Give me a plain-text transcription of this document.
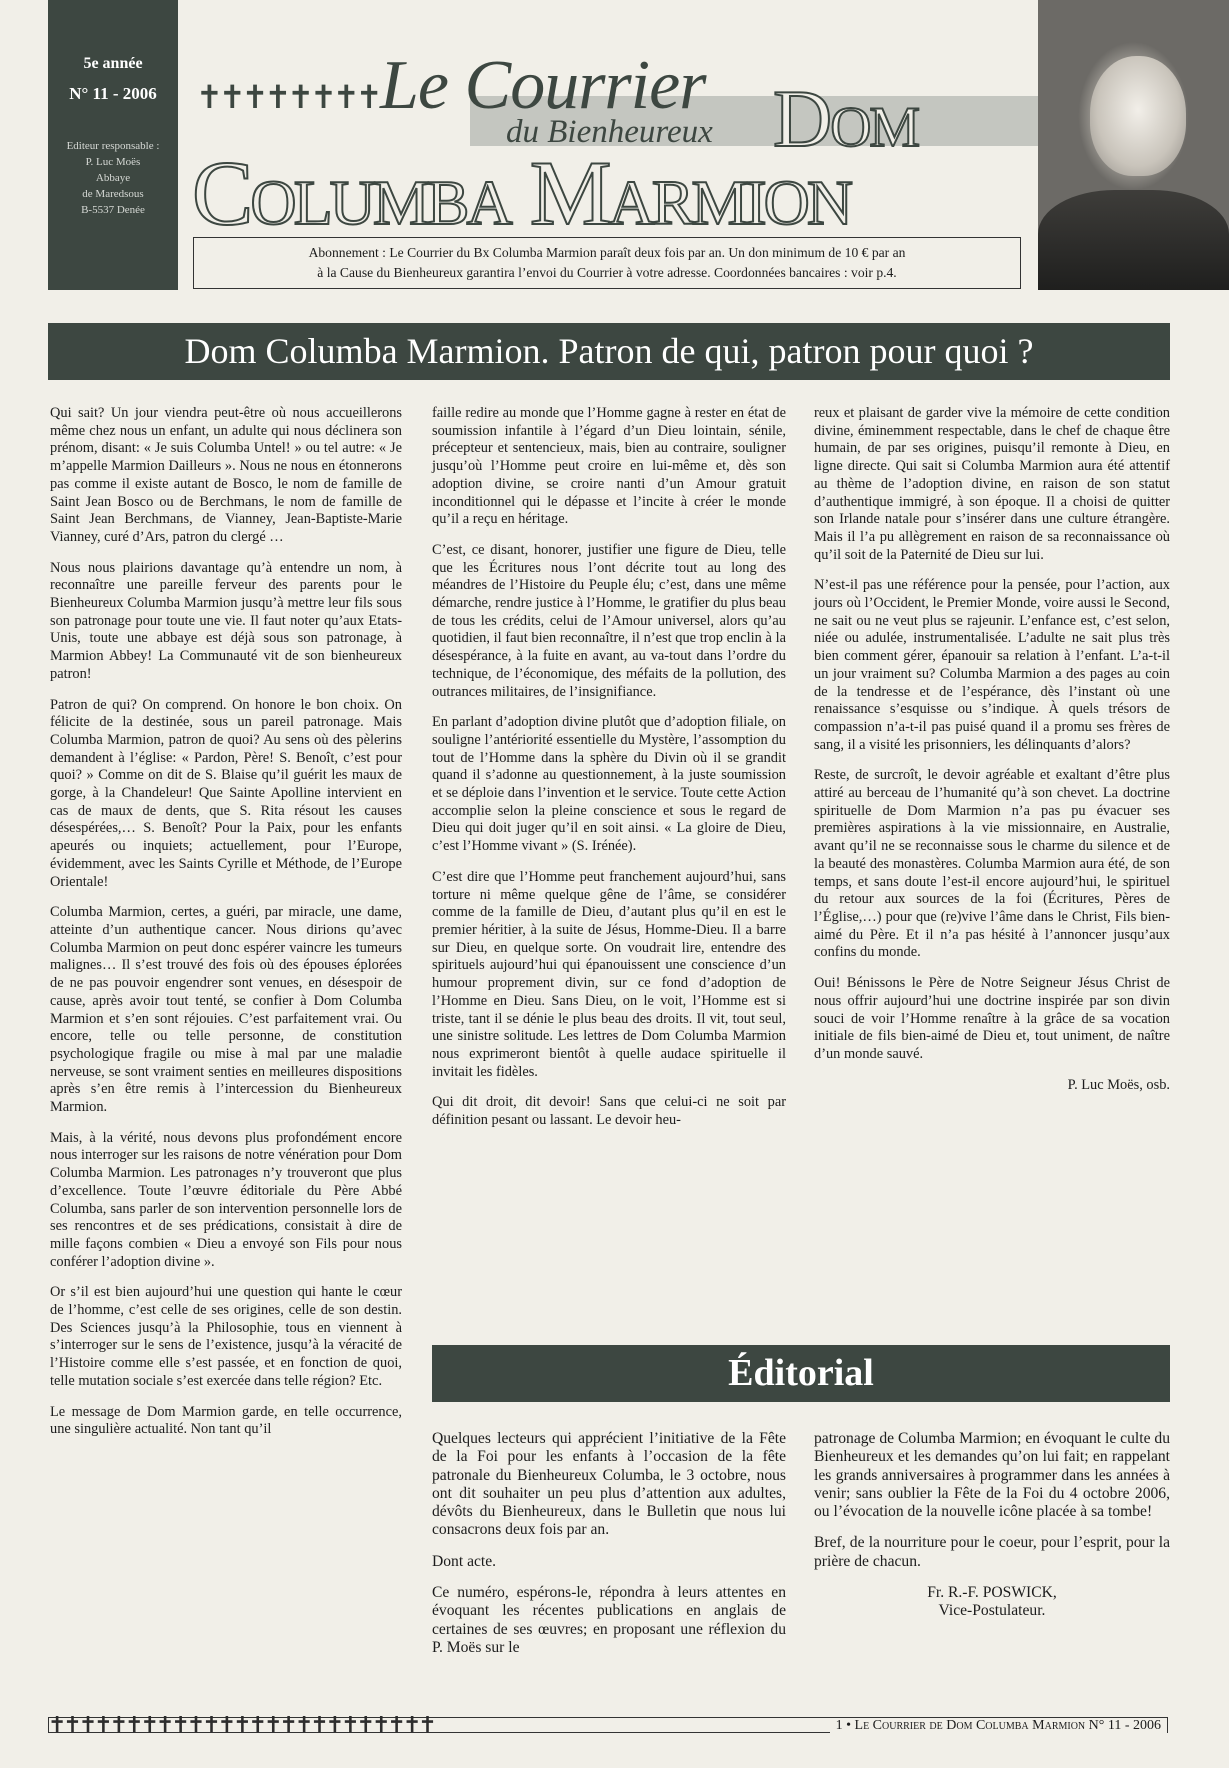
5e année
N° 11 - 2006
Editeur responsable :
P. Luc Moës
Abbaye
de Maredsous
B-5537 Denée
✝✝✝✝✝✝✝✝ Le Courrier
du Bienheureux Dom
Columba Marmion
Abonnement : Le Courrier du Bx Columba Marmion paraît deux fois par an. Un don minimum de 10 € par an
à la Cause du Bienheureux garantira l’envoi du Courrier à votre adresse. Coordonnées bancaires : voir p.4.
Dom Columba Marmion. Patron de qui, patron pour quoi ?

Qui sait? Un jour viendra peut-être où nous accueillerons même chez nous un enfant, un adulte qui nous déclinera son prénom, disant: « Je suis Columba Untel! » ou tel autre: « Je m’appelle Marmion Dailleurs ». Nous ne nous en étonnerons pas comme il existe autant de Bosco, le nom de famille de Saint Jean Bosco ou de Berchmans, le nom de famille de Saint Jean Berchmans, de Vianney, Jean-Baptiste-Marie Vianney, curé d’Ars, patron du clergé …

Nous nous plairions davantage qu’à entendre un nom, à reconnaître une pareille ferveur des parents pour le Bienheureux Columba Marmion jusqu’à mettre leur fils sous son patronage pour toute une vie. Il faut noter qu’aux Etats-Unis, toute une abbaye est déjà sous son patronage, à Marmion Abbey! La Communauté vit de son bienheureux patron!

Patron de qui? On comprend. On honore le bon choix. On félicite de la destinée, sous un pareil patronage. Mais Columba Marmion, patron de quoi? Au sens où des pèlerins demandent à l’église: « Pardon, Père! S. Benoît, c’est pour quoi? » Comme on dit de S. Blaise qu’il guérit les maux de gorge, à la Chandeleur! Que Sainte Apolline intervient en cas de maux de dents, que S. Rita résout les causes désespérées,… S. Benoît? Pour la Paix, pour les enfants apeurés ou inquiets; actuellement, pour l’Europe, évidemment, avec les Saints Cyrille et Méthode, de l’Europe Orientale!

Columba Marmion, certes, a guéri, par miracle, une dame, atteinte d’un authentique cancer. Nous dirions qu’avec Columba Marmion on peut donc espérer vaincre les tumeurs malignes… Il s’est trouvé des fois où des épouses éplorées de ne pas pouvoir engendrer sont venues, en désespoir de cause, après avoir tout tenté, se confier à Dom Columba Marmion et s’en sont réjouies. C’est parfaitement vrai. Ou encore, telle ou telle personne, de constitution psychologique fragile ou mise à mal par une maladie nerveuse, se sont vraiment senties en meilleures dispositions après s’en être remis à l’intercession du Bienheureux Marmion.

Mais, à la vérité, nous devons plus profondément encore nous interroger sur les raisons de notre vénération pour Dom Columba Marmion. Les patronages n’y trouveront que plus d’excellence. Toute l’œuvre éditoriale du Père Abbé Columba, sans parler de son intervention personnelle lors de ses rencontres et de ses prédications, consistait à dire de mille façons combien « Dieu a envoyé son Fils pour nous conférer l’adoption divine ».

Or s’il est bien aujourd’hui une question qui hante le cœur de l’homme, c’est celle de ses origines, celle de son destin. Des Sciences jusqu’à la Philosophie, tous en viennent à s’interroger sur le sens de l’existence, jusqu’à la véracité de l’Histoire comme elle s’est passée, et en fonction de quoi, telle mutation sociale s’est exercée dans telle région? Etc.

Le message de Dom Marmion garde, en telle occurrence, une singulière actualité. Non tant qu’il

faille redire au monde que l’Homme gagne à rester en état de soumission infantile à l’égard d’un Dieu lointain, sénile, précepteur et sentencieux, mais, bien au contraire, souligner jusqu’où l’Homme peut croire en lui-même et, dès son adoption divine, se croire nanti d’un Amour gratuit inconditionnel qui le dépasse et l’incite à créer le monde qu’il a reçu en héritage.

C’est, ce disant, honorer, justifier une figure de Dieu, telle que les Écritures nous l’ont décrite tout au long des méandres de l’Histoire du Peuple élu; c’est, dans une même démarche, rendre justice à l’Homme, le gratifier du plus beau de tous les crédits, celui de l’Amour universel, alors qu’au quotidien, il faut bien reconnaître, il n’est que trop enclin à la désespérance, à la fuite en avant, au va-tout dans l’ordre du technique, de l’économique, des méfaits de la pollution, des outrances militaires, de l’insignifiance.

En parlant d’adoption divine plutôt que d’adoption filiale, on souligne l’antériorité essentielle du Mystère, l’assomption du tout de l’Homme dans la sphère du Divin où il se grandit quand il s’adonne au questionnement, à la juste soumission et se déploie dans l’invention et le service. Toute cette Action accomplie selon la pleine conscience et sous le regard de Dieu qui doit juger qu’il en soit ainsi. « La gloire de Dieu, c’est l’Homme vivant » (S. Irénée).

C’est dire que l’Homme peut franchement aujourd’hui, sans torture ni même quelque gêne de l’âme, se considérer comme de la famille de Dieu, d’autant plus qu’il en est le premier héritier, à la suite de Jésus, Homme-Dieu. Il a barre sur Dieu, en quelque sorte. On voudrait lire, entendre des spirituels aujourd’hui qui épanouissent une conscience d’un humour proprement divin, sur ce fond d’adoption de l’Homme en Dieu. Sans Dieu, on le voit, l’Homme est si triste, tant il se dénie le plus beau des droits. Il vit, tout seul, une sinistre solitude. Les lettres de Dom Columba Marmion nous exprimeront bientôt à quelle audace spirituelle il invitait les fidèles.

Qui dit droit, dit devoir! Sans que celui-ci ne soit par définition pesant ou lassant. Le devoir heu-

reux et plaisant de garder vive la mémoire de cette condition divine, éminemment respectable, dans le chef de chaque être humain, de par ses origines, puisqu’il remonte à Dieu, en ligne directe. Qui sait si Columba Marmion aura été attentif au thème de l’adoption divine, en raison de son statut d’authentique immigré, à son époque. Il a choisi de quitter son Irlande natale pour s’insérer dans une culture étrangère. Mais il l’a pu allègrement en raison de sa reconnaissance où qu’il soit de la Paternité de Dieu sur lui.

N’est-il pas une référence pour la pensée, pour l’action, aux jours où l’Occident, le Premier Monde, voire aussi le Second, ne sait ou ne veut plus se rajeunir. L’enfance est, c’est selon, niée ou adulée, instrumentalisée. L’adulte ne sait plus très bien comment gérer, épanouir sa relation à l’enfant. L’a-t-il un jour vraiment su? Columba Marmion a des pages au coin de la tendresse et de l’espérance, dès l’instant où une renaissance s’esquisse ou s’indique. À quels trésors de compassion n’a-t-il pas puisé quand il a promu ses frères de sang, il a visité les prisonniers, les délinquants d’alors?

Reste, de surcroît, le devoir agréable et exaltant d’être plus attiré au berceau de l’humanité qu’à son chevet. La doctrine spirituelle de Dom Marmion n’a pas pu évacuer ses premières aspirations à la vie missionnaire, en Australie, avant qu’il ne se reconnaisse sous le charme du silence et de la beauté des monastères. Columba Marmion aura été, de son temps, et sans doute l’est-il encore aujourd’hui, le spirituel du retour aux sources de la foi (Écritures, Pères de l’Église,…) pour que (re)vive l’âme dans le Christ, Fils bien-aimé du Père. Et il n’a pas hésité à l’annoncer jusqu’aux confins du monde.

Oui! Bénissons le Père de Notre Seigneur Jésus Christ de nous offrir aujourd’hui une doctrine inspirée par son divin souci de voir l’Homme renaître à la grâce de sa vocation initiale de fils bien-aimé de Dieu et, tout uniment, de naître d’un monde sauvé.

P. Luc Moës, osb.
Éditorial

Quelques lecteurs qui apprécient l’initiative de la Fête de la Foi pour les enfants à l’occasion de la fête patronale du Bienheureux Columba, le 3 octobre, nous ont dit souhaiter un peu plus d’attention aux adultes, dévôts du Bienheureux, dans le Bulletin que nous lui consacrons deux fois par an.

Dont acte.

Ce numéro, espérons-le, répondra à leurs attentes en évoquant les récentes publications en anglais de certaines de ses œuvres; en proposant une réflexion du P. Moës sur le

patronage de Columba Marmion; en évoquant le culte du Bienheureux et les demandes qu’on lui fait; en rappelant les grands anniversaires à programmer dans les années à venir; sans oublier la Fête de la Foi du 4 octobre 2006, ou l’évocation de la nouvelle icône placée à sa tombe!

Bref, de la nourriture pour le coeur, pour l’esprit, pour la prière de chacun.

Fr. R.-F. POSWICK,
Vice-Postulateur.
✝✝✝✝✝✝✝✝✝✝✝✝✝✝✝✝✝✝✝✝✝✝✝✝✝	1 • Le Courrier de Dom Columba Marmion N° 11 - 2006
